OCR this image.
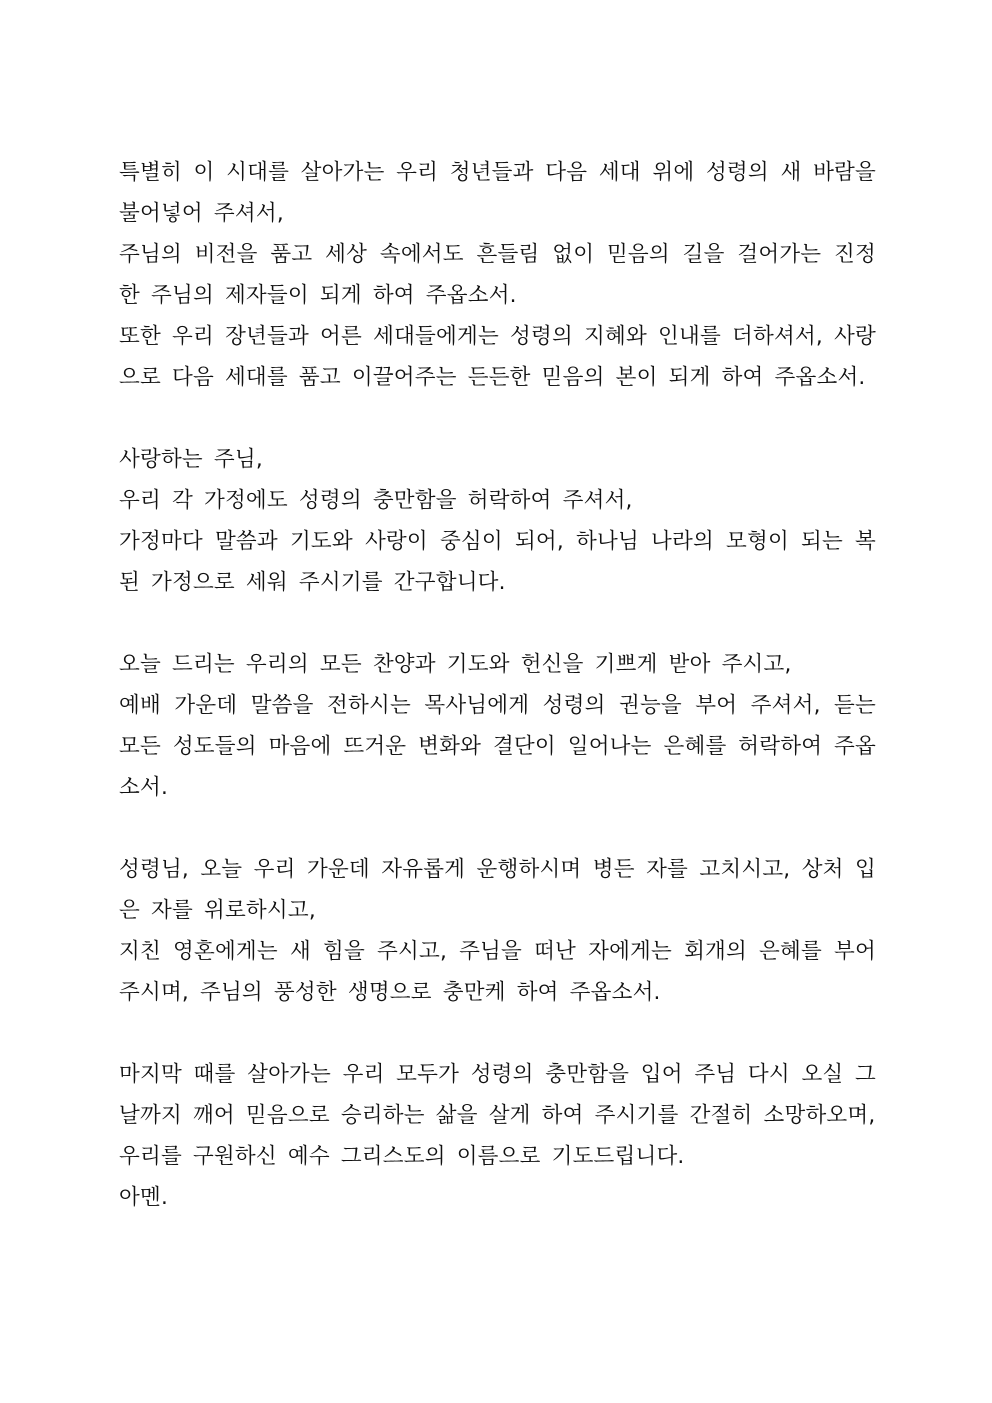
특별히 이 시대를 살아가는 우리 청년들과 다음 세대 위에 성령의 새 바람을 불어넣어 주셔서,
주님의 비전을 품고 세상 속에서도 흔들림 없이 믿음의 길을 걸어가는 진정한 주님의 제자들이 되게 하여 주옵소서.
또한 우리 장년들과 어른 세대들에게는 성령의 지혜와 인내를 더하셔서, 사랑으로 다음 세대를 품고 이끌어주는 든든한 믿음의 본이 되게 하여 주옵소서.
사랑하는 주님,
우리 각 가정에도 성령의 충만함을 허락하여 주셔서,
가정마다 말씀과 기도와 사랑이 중심이 되어, 하나님 나라의 모형이 되는 복된 가정으로 세워 주시기를 간구합니다.
오늘 드리는 우리의 모든 찬양과 기도와 헌신을 기쁘게 받아 주시고,
예배 가운데 말씀을 전하시는 목사님에게 성령의 권능을 부어 주셔서, 듣는 모든 성도들의 마음에 뜨거운 변화와 결단이 일어나는 은혜를 허락하여 주옵소서.
성령님, 오늘 우리 가운데 자유롭게 운행하시며 병든 자를 고치시고, 상처 입은 자를 위로하시고,
지친 영혼에게는 새 힘을 주시고, 주님을 떠난 자에게는 회개의 은혜를 부어주시며, 주님의 풍성한 생명으로 충만케 하여 주옵소서.
마지막 때를 살아가는 우리 모두가 성령의 충만함을 입어 주님 다시 오실 그날까지 깨어 믿음으로 승리하는 삶을 살게 하여 주시기를 간절히 소망하오며,
우리를 구원하신 예수 그리스도의 이름으로 기도드립니다.
아멘.
